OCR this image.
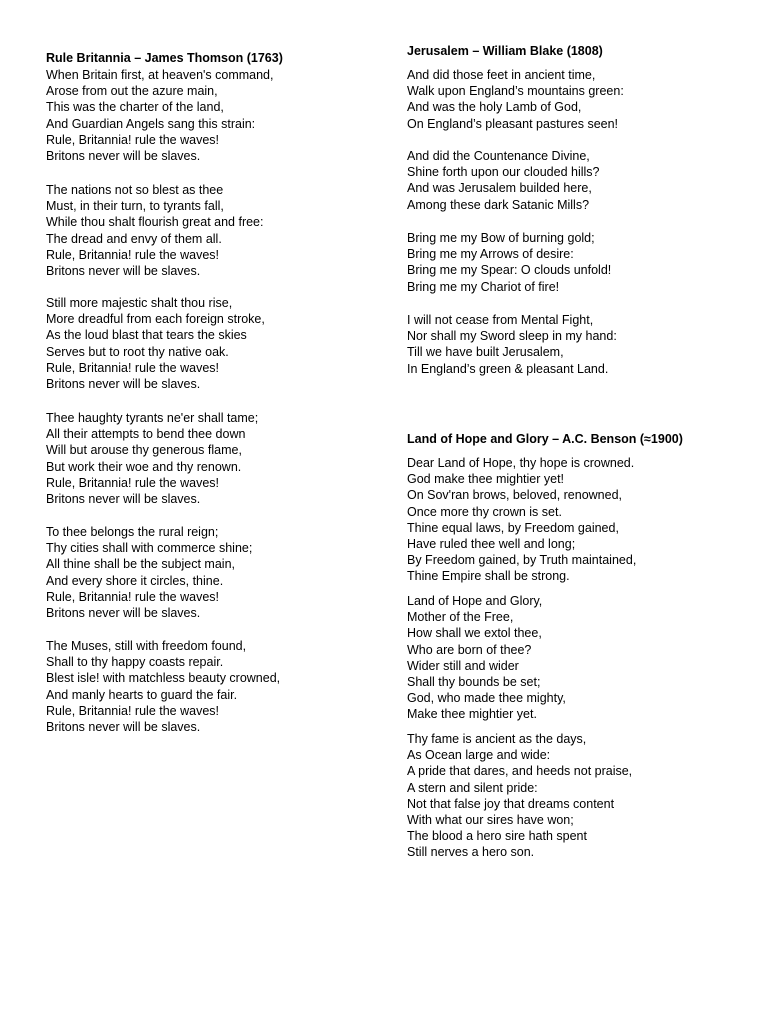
Rule Britannia – James Thomson (1763)
When Britain first, at heaven's command,
Arose from out the azure main,
This was the charter of the land,
And Guardian Angels sang this strain:
Rule, Britannia! rule the waves!
Britons never will be slaves.
The nations not so blest as thee
Must, in their turn, to tyrants fall,
While thou shalt flourish great and free:
The dread and envy of them all.
Rule, Britannia! rule the waves!
Britons never will be slaves.
Still more majestic shalt thou rise,
More dreadful from each foreign stroke,
As the loud blast that tears the skies
Serves but to root thy native oak.
Rule, Britannia! rule the waves!
Britons never will be slaves.
Thee haughty tyrants ne'er shall tame;
All their attempts to bend thee down
Will but arouse thy generous flame,
But work their woe and thy renown.
Rule, Britannia! rule the waves!
Britons never will be slaves.
To thee belongs the rural reign;
Thy cities shall with commerce shine;
All thine shall be the subject main,
And every shore it circles, thine.
Rule, Britannia! rule the waves!
Britons never will be slaves.
The Muses, still with freedom found,
Shall to thy happy coasts repair.
Blest isle! with matchless beauty crowned,
And manly hearts to guard the fair.
Rule, Britannia! rule the waves!
Britons never will be slaves.
Jerusalem – William Blake (1808)
And did those feet in ancient time,
Walk upon England’s mountains green:
And was the holy Lamb of God,
On England’s pleasant pastures seen!
And did the Countenance Divine,
Shine forth upon our clouded hills?
And was Jerusalem builded here,
Among these dark Satanic Mills?
Bring me my Bow of burning gold;
Bring me my Arrows of desire:
Bring me my Spear: O clouds unfold!
Bring me my Chariot of fire!
I will not cease from Mental Fight,
Nor shall my Sword sleep in my hand:
Till we have built Jerusalem,
In England’s green & pleasant Land.
Land of Hope and Glory – A.C. Benson (≈1900)
Dear Land of Hope, thy hope is crowned.
God make thee mightier yet!
On Sov'ran brows, beloved, renowned,
Once more thy crown is set.
Thine equal laws, by Freedom gained,
Have ruled thee well and long;
By Freedom gained, by Truth maintained,
Thine Empire shall be strong.
Land of Hope and Glory,
Mother of the Free,
How shall we extol thee,
Who are born of thee?
Wider still and wider
Shall thy bounds be set;
God, who made thee mighty,
Make thee mightier yet.
Thy fame is ancient as the days,
As Ocean large and wide:
A pride that dares, and heeds not praise,
A stern and silent pride:
Not that false joy that dreams content
With what our sires have won;
The blood a hero sire hath spent
Still nerves a hero son.
